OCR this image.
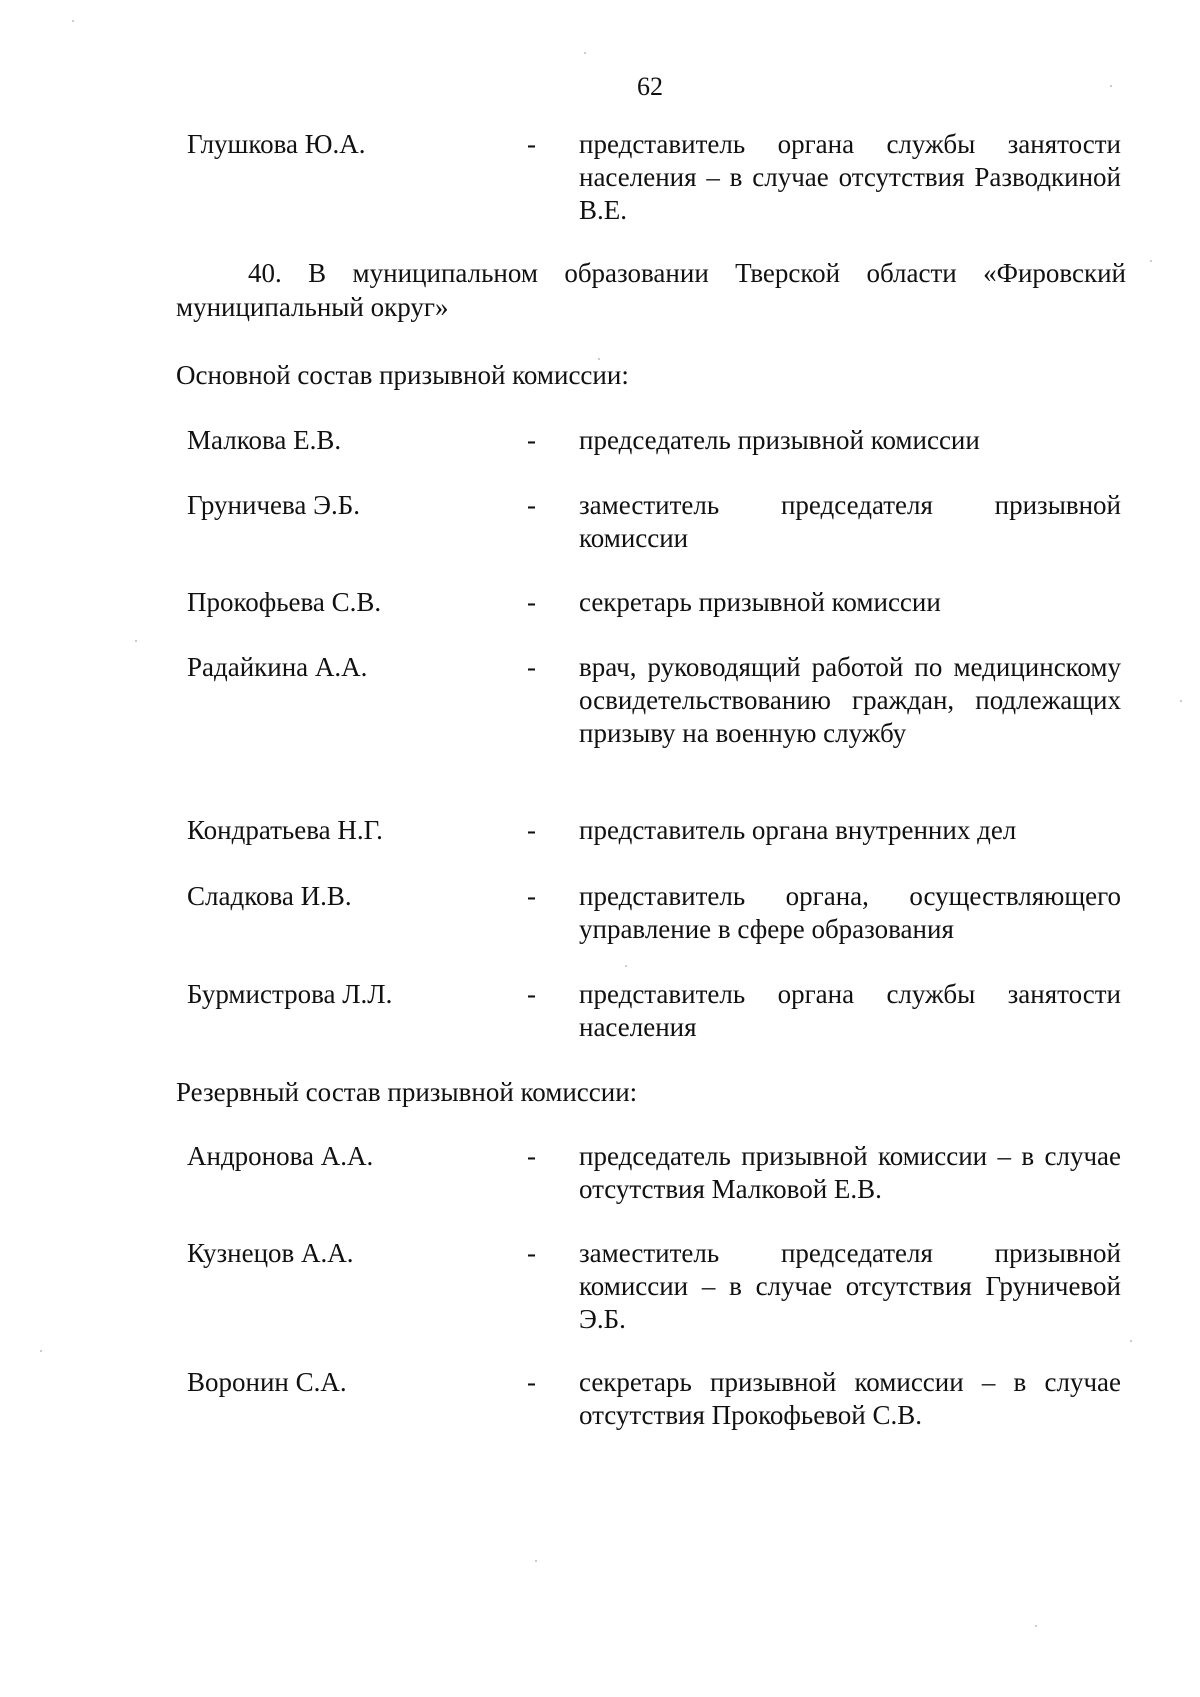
62
Глушкова Ю.А.	- представитель органа службы занятости населения – в случае отсутствия Разводкиной В.Е.
40. В муниципальном образовании Тверской области «Фировский муниципальный округ»
Основной состав призывной комиссии:
Малкова Е.В.	- председатель призывной комиссии
Груничева Э.Б.	- заместитель председателя призывной комиссии
Прокофьева С.В.	- секретарь призывной комиссии
Радайкина А.А.	- врач, руководящий работой по медицинскому освидетельствованию граждан, подлежащих призыву на военную службу
Кондратьева Н.Г.	- представитель органа внутренних дел
Сладкова И.В.	- представитель органа, осуществляющего управление в сфере образования
Бурмистрова Л.Л.	- представитель органа службы занятости населения
Резервный состав призывной комиссии:
Андронова А.А.	- председатель призывной комиссии – в случае отсутствия Малковой Е.В.
Кузнецов А.А.	- заместитель председателя призывной комиссии – в случае отсутствия Груничевой Э.Б.
Воронин С.А.	- секретарь призывной комиссии – в случае отсутствия Прокофьевой С.В.
